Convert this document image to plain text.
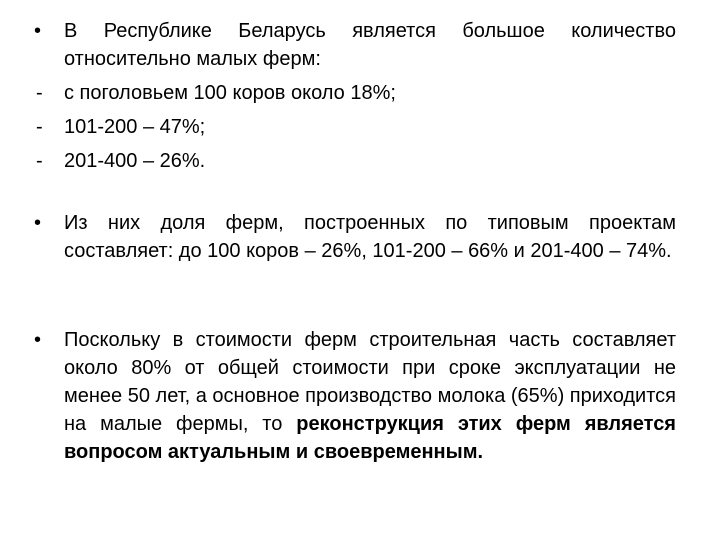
• В Республике Беларусь является большое количество относительно малых ферм:
- с поголовьем 100 коров около 18%;
- 101-200 – 47%;
- 201-400 – 26%.
• Из них доля ферм, построенных по типовым проектам составляет: до 100 коров – 26%, 101-200 – 66% и 201-400 – 74%.
• Поскольку в стоимости ферм строительная часть составляет около 80% от общей стоимости при сроке эксплуатации не менее 50 лет, а основное производство молока (65%) приходится на малые фермы, то реконструкция этих ферм является вопросом актуальным и своевременным.
